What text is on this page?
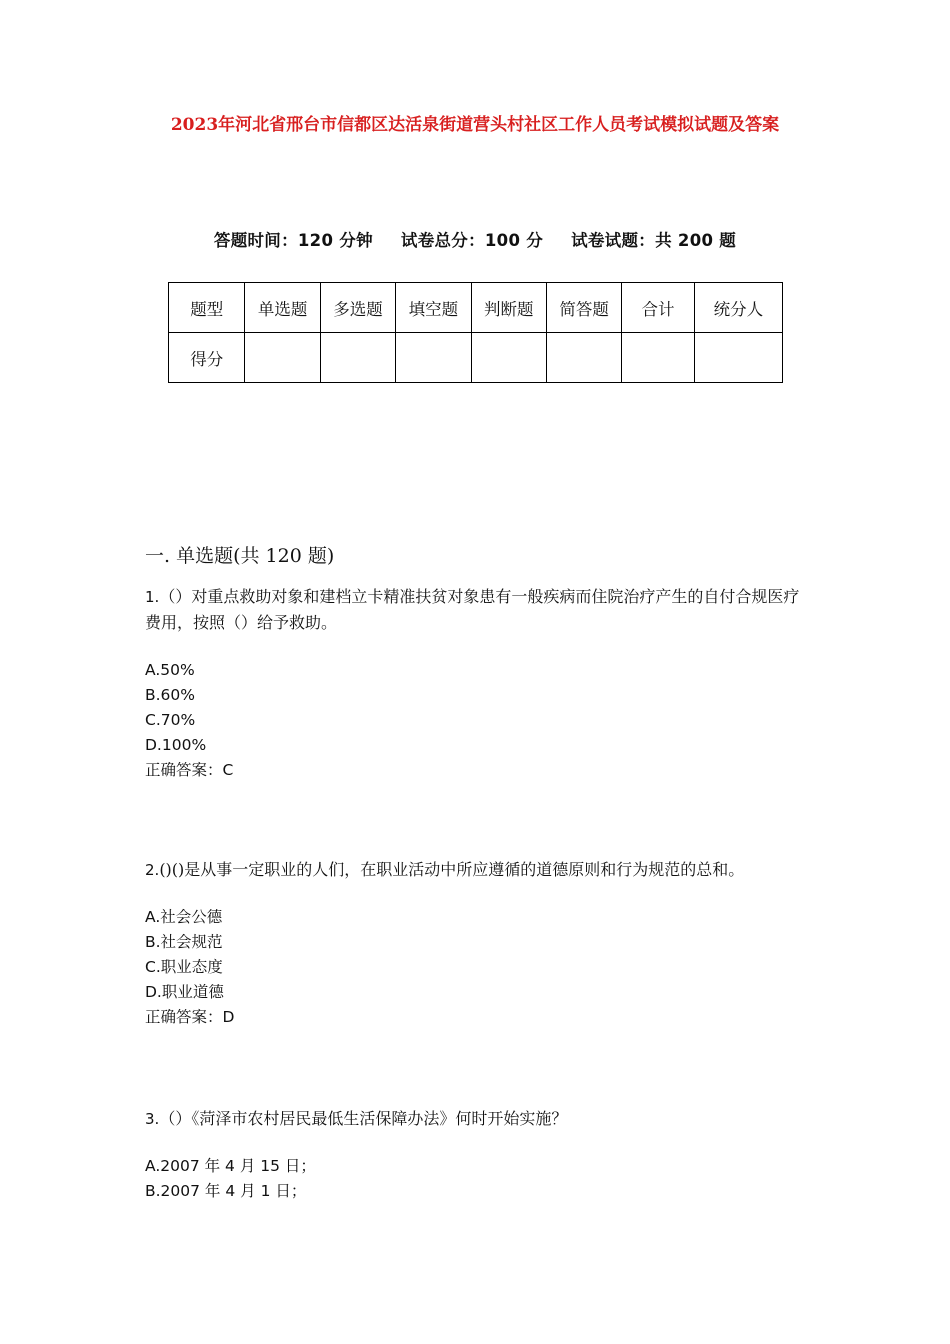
2023年河北省邢台市信都区达活泉街道营头村社区工作人员考试模拟试题及答案
答题时间：120 分钟 试卷总分：100 分 试卷试题：共 200 题
题型	单选题	多选题	填空题	判断题	简答题	合计	统分人
得分							
一. 单选题(共 120 题)

1.（）对重点救助对象和建档立卡精准扶贫对象患有一般疾病而住院治疗产生的自付合规医疗费用，按照（）给予救助。

A.50%
B.60%
C.70%
D.100%
正确答案：C

2.()()是从事一定职业的人们，在职业活动中所应遵循的道德原则和行为规范的总和。

A.社会公德
B.社会规范
C.职业态度
D.职业道德
正确答案：D

3.（）《菏泽市农村居民最低生活保障办法》何时开始实施？

A.2007 年 4 月 15 日；
B.2007 年 4 月 1 日；
